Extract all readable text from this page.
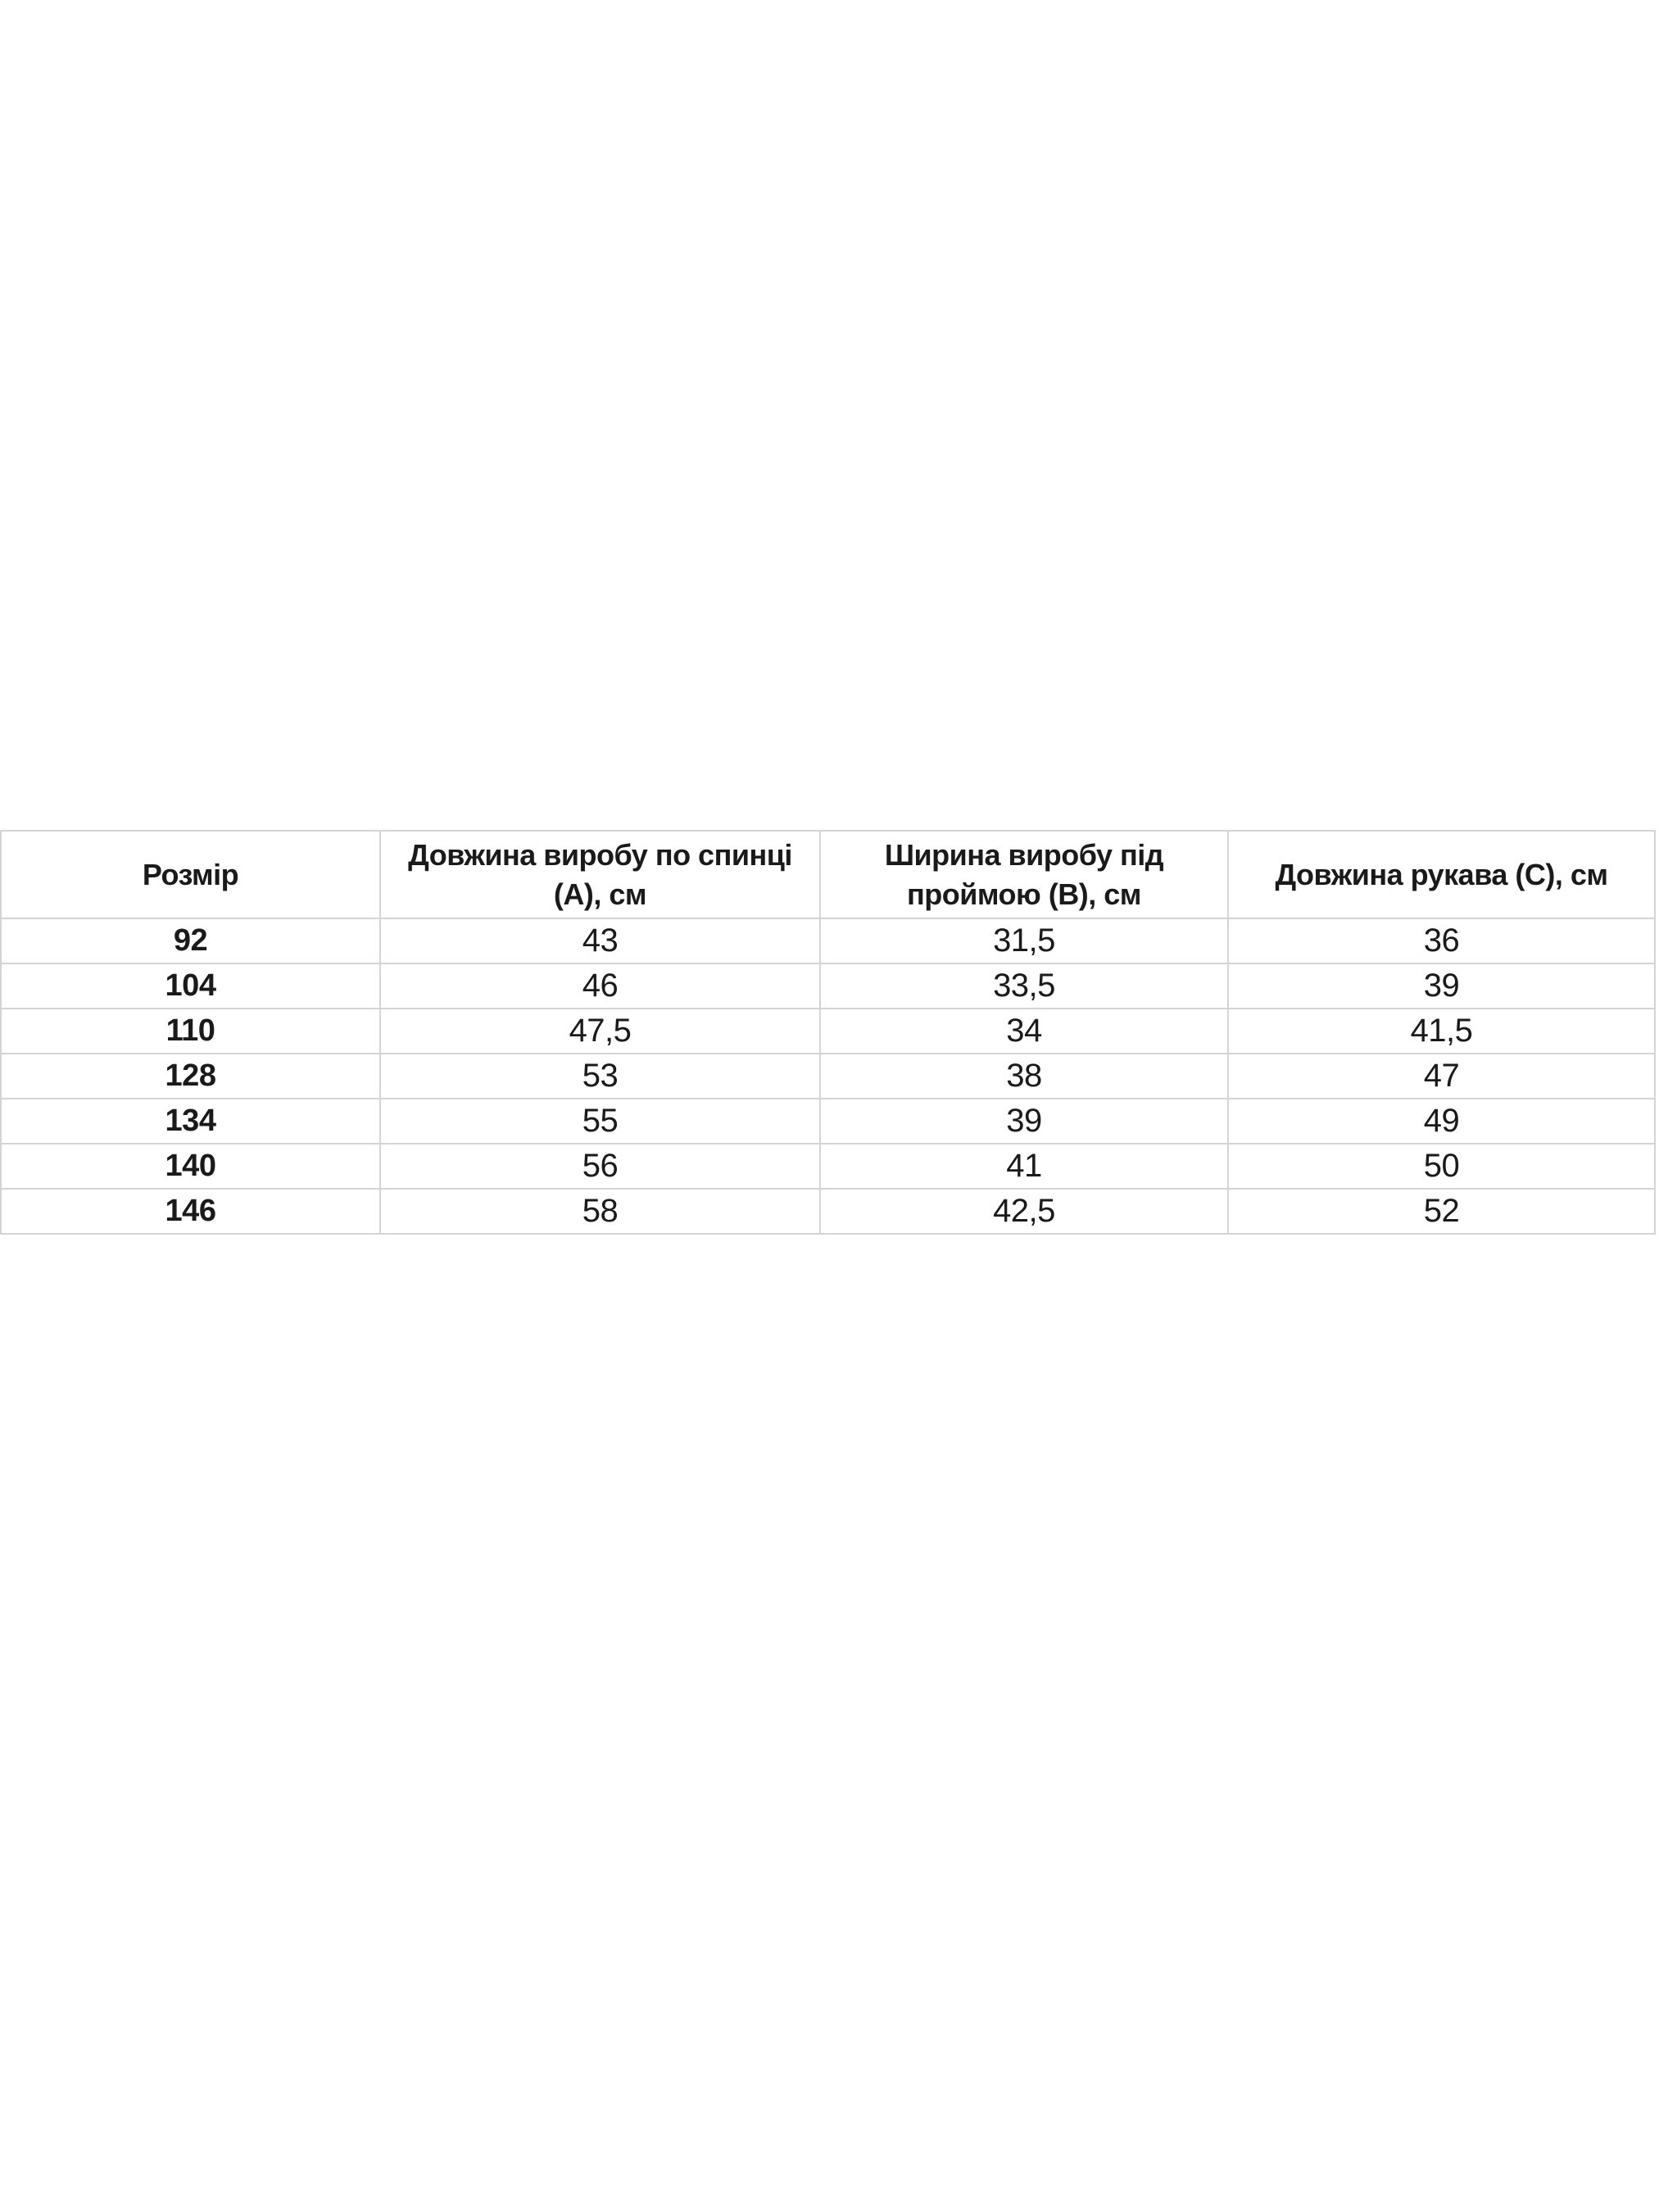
Розмір	Довжина виробу по спинці (A), см	Ширина виробу під проймою (B), см	Довжина рукава (C), см
92	43	31,5	36
104	46	33,5	39
110	47,5	34	41,5
128	53	38	47
134	55	39	49
140	56	41	50
146	58	42,5	52
